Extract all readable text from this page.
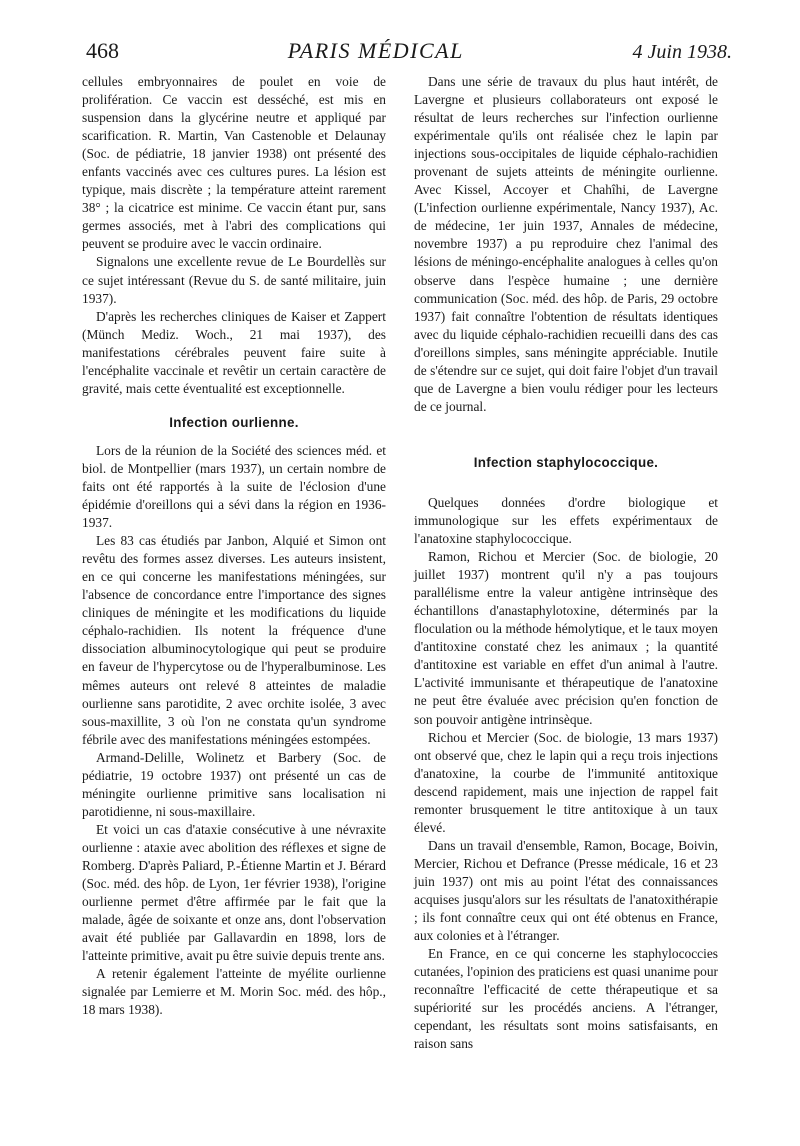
468	PARIS MÉDICAL	4 Juin 1938.

cellules embryonnaires de poulet en voie de prolifération. Ce vaccin est desséché, est mis en suspension dans la glycérine neutre et appliqué par scarification. R. Martin, Van Castenoble et Delaunay (Soc. de pédiatrie, 18 janvier 1938) ont présenté des enfants vaccinés avec ces cultures pures. La lésion est typique, mais discrète ; la température atteint rarement 38° ; la cicatrice est minime. Ce vaccin étant pur, sans germes associés, met à l'abri des complications qui peuvent se produire avec le vaccin ordinaire.

Signalons une excellente revue de Le Bourdellès sur ce sujet intéressant (Revue du S. de santé militaire, juin 1937).

D'après les recherches cliniques de Kaiser et Zappert (Münch Mediz. Woch., 21 mai 1937), des manifestations cérébrales peuvent faire suite à l'encéphalite vaccinale et revêtir un certain caractère de gravité, mais cette éventualité est exceptionnelle.

Infection ourlienne.

Lors de la réunion de la Société des sciences méd. et biol. de Montpellier (mars 1937), un certain nombre de faits ont été rapportés à la suite de l'éclosion d'une épidémie d'oreillons qui a sévi dans la région en 1936-1937.

Les 83 cas étudiés par Janbon, Alquié et Simon ont revêtu des formes assez diverses. Les auteurs insistent, en ce qui concerne les manifestations méningées, sur l'absence de concordance entre l'importance des signes cliniques de méningite et les modifications du liquide céphalo-rachidien. Ils notent la fréquence d'une dissociation albuminocytologique qui peut se produire en faveur de l'hypercytose ou de l'hyperalbuminose. Les mêmes auteurs ont relevé 8 atteintes de maladie ourlienne sans parotidite, 2 avec orchite isolée, 3 avec sous-maxillite, 3 où l'on ne constata qu'un syndrome fébrile avec des manifestations méningées estompées.

Armand-Delille, Wolinetz et Barbery (Soc. de pédiatrie, 19 octobre 1937) ont présenté un cas de méningite ourlienne primitive sans localisation ni parotidienne, ni sous-maxillaire.

Et voici un cas d'ataxie consécutive à une névraxite ourlienne : ataxie avec abolition des réflexes et signe de Romberg. D'après Paliard, P.-Étienne Martin et J. Bérard (Soc. méd. des hôp. de Lyon, 1er février 1938), l'origine ourlienne permet d'être affirmée par le fait que la malade, âgée de soixante et onze ans, dont l'observation avait été publiée par Gallavardin en 1898, lors de l'atteinte primitive, avait pu être suivie depuis trente ans.

A retenir également l'atteinte de myélite ourlienne signalée par Lemierre et M. Morin Soc. méd. des hôp., 18 mars 1938).

Dans une série de travaux du plus haut intérêt, de Lavergne et plusieurs collaborateurs ont exposé le résultat de leurs recherches sur l'infection ourlienne expérimentale qu'ils ont réalisée chez le lapin par injections sous-occipitales de liquide céphalo-rachidien provenant de sujets atteints de méningite ourlienne. Avec Kissel, Accoyer et Chahîhi, de Lavergne (L'infection ourlienne expérimentale, Nancy 1937), Ac. de médecine, 1er juin 1937, Annales de médecine, novembre 1937) a pu reproduire chez l'animal des lésions de méningo-encéphalite analogues à celles qu'on observe dans l'espèce humaine ; une dernière communication (Soc. méd. des hôp. de Paris, 29 octobre 1937) fait connaître l'obtention de résultats identiques avec du liquide céphalo-rachidien recueilli dans des cas d'oreillons simples, sans méningite appréciable. Inutile de s'étendre sur ce sujet, qui doit faire l'objet d'un travail que de Lavergne a bien voulu rédiger pour les lecteurs de ce journal.

Infection staphylococcique.

Quelques données d'ordre biologique et immunologique sur les effets expérimentaux de l'anatoxine staphylococcique.

Ramon, Richou et Mercier (Soc. de biologie, 20 juillet 1937) montrent qu'il n'y a pas toujours parallélisme entre la valeur antigène intrinsèque des échantillons d'anastaphylotoxine, déterminés par la floculation ou la méthode hémolytique, et le taux moyen d'antitoxine constaté chez les animaux ; la quantité d'antitoxine est variable en effet d'un animal à l'autre. L'activité immunisante et thérapeutique de l'anatoxine ne peut être évaluée avec précision qu'en fonction de son pouvoir antigène intrinsèque.

Richou et Mercier (Soc. de biologie, 13 mars 1937) ont observé que, chez le lapin qui a reçu trois injections d'anatoxine, la courbe de l'immunité antitoxique descend rapidement, mais une injection de rappel fait remonter brusquement le titre antitoxique à un taux élevé.

Dans un travail d'ensemble, Ramon, Bocage, Boivin, Mercier, Richou et Defrance (Presse médicale, 16 et 23 juin 1937) ont mis au point l'état des connaissances acquises jusqu'alors sur les résultats de l'anatoxithérapie ; ils font connaître ceux qui ont été obtenus en France, aux colonies et à l'étranger.

En France, en ce qui concerne les staphylococcies cutanées, l'opinion des praticiens est quasi unanime pour reconnaître l'efficacité de cette thérapeutique et sa supériorité sur les procédés anciens. A l'étranger, cependant, les résultats sont moins satisfaisants, en raison sans
